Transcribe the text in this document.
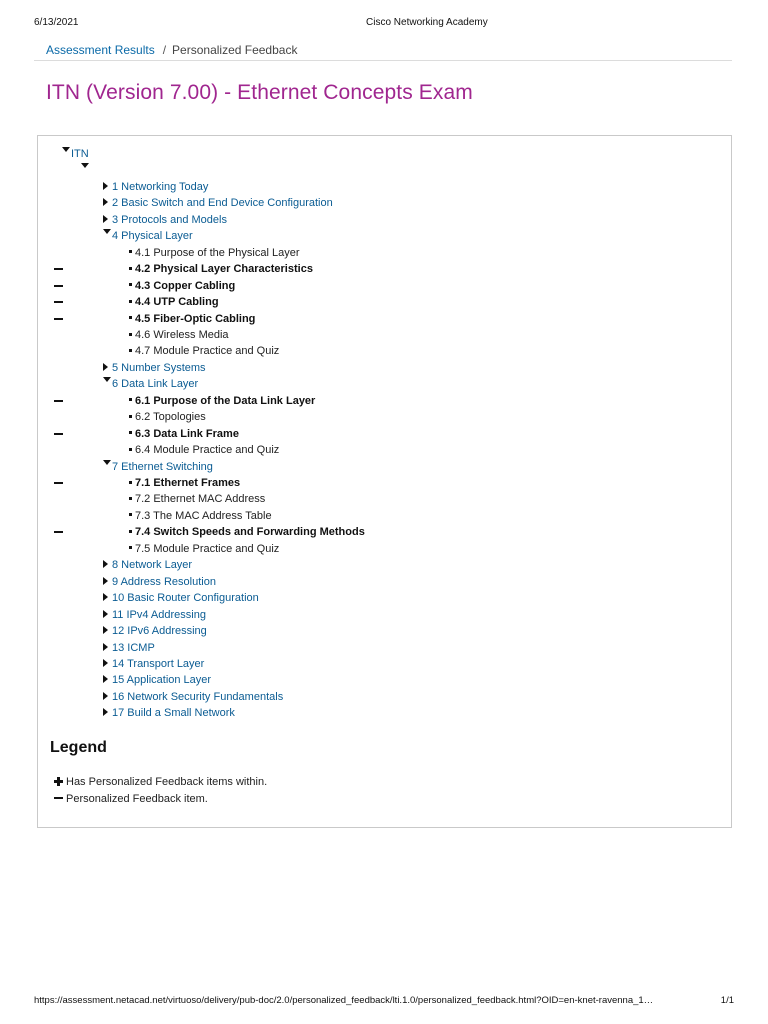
6/13/2021	Cisco Networking Academy
Assessment Results / Personalized Feedback
ITN (Version 7.00) - Ethernet Concepts Exam
ITN
1 Networking Today
2 Basic Switch and End Device Configuration
3 Protocols and Models
4 Physical Layer
4.1 Purpose of the Physical Layer
4.2 Physical Layer Characteristics
4.3 Copper Cabling
4.4 UTP Cabling
4.5 Fiber-Optic Cabling
4.6 Wireless Media
4.7 Module Practice and Quiz
5 Number Systems
6 Data Link Layer
6.1 Purpose of the Data Link Layer
6.2 Topologies
6.3 Data Link Frame
6.4 Module Practice and Quiz
7 Ethernet Switching
7.1 Ethernet Frames
7.2 Ethernet MAC Address
7.3 The MAC Address Table
7.4 Switch Speeds and Forwarding Methods
7.5 Module Practice and Quiz
8 Network Layer
9 Address Resolution
10 Basic Router Configuration
11 IPv4 Addressing
12 IPv6 Addressing
13 ICMP
14 Transport Layer
15 Application Layer
16 Network Security Fundamentals
17 Build a Small Network
Legend
Has Personalized Feedback items within.
Personalized Feedback item.
https://assessment.netacad.net/virtuoso/delivery/pub-doc/2.0/personalized_feedback/lti.1.0/personalized_feedback.html?OID=en-knet-ravenna_1…	1/1
